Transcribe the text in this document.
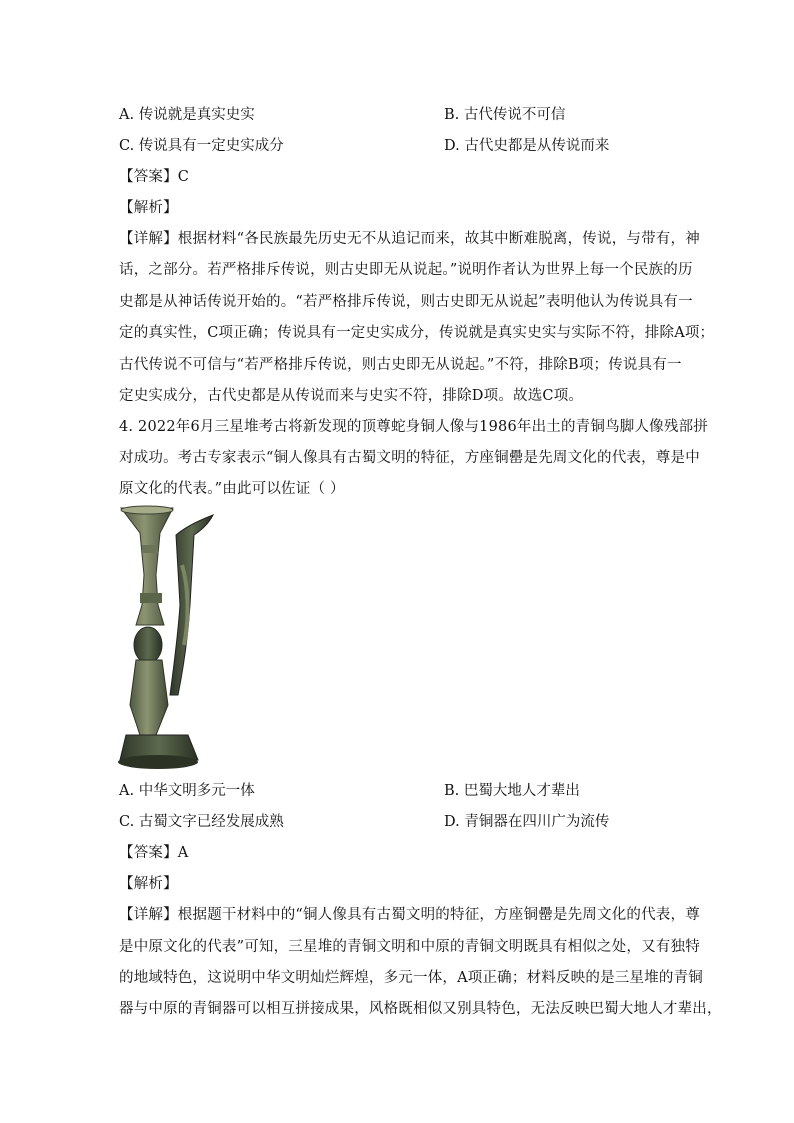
A. 传说就是真实史实	B. 古代传说不可信
C. 传说具有一定史实成分	D. 古代史都是从传说而来
【答案】C
【解析】
【详解】根据材料“各民族最先历史无不从追记而来，故其中断难脱离，传说，与带有，神
话，之部分。若严格排斥传说，则古史即无从说起。”说明作者认为世界上每一个民族的历
史都是从神话传说开始的。“若严格排斥传说，则古史即无从说起”表明他认为传说具有一
定的真实性，C项正确；传说具有一定史实成分，传说就是真实史实与实际不符，排除A项；
古代传说不可信与“若严格排斥传说，则古史即无从说起。”不符，排除B项；传说具有一
定史实成分，古代史都是从传说而来与史实不符，排除D项。故选C项。
4. 2022年6月三星堆考古将新发现的顶尊蛇身铜人像与1986年出土的青铜鸟脚人像残部拼
对成功。考古专家表示“铜人像具有古蜀文明的特征，方座铜罍是先周文化的代表，尊是中
原文化的代表。”由此可以佐证（ ）
A. 中华文明多元一体	B. 巴蜀大地人才辈出
C. 古蜀文字已经发展成熟	D. 青铜器在四川广为流传
【答案】A
【解析】
【详解】根据题干材料中的“铜人像具有古蜀文明的特征，方座铜罍是先周文化的代表，尊
是中原文化的代表”可知，三星堆的青铜文明和中原的青铜文明既具有相似之处，又有独特
的地域特色，这说明中华文明灿烂辉煌，多元一体，A项正确；材料反映的是三星堆的青铜
器与中原的青铜器可以相互拼接成果，风格既相似又别具特色，无法反映巴蜀大地人才辈出，
